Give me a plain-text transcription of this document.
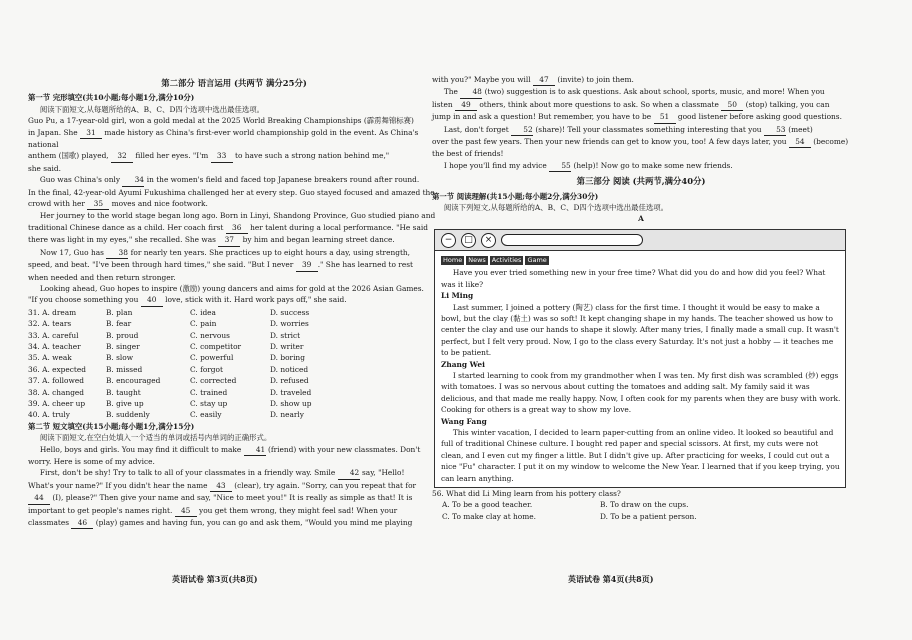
第二部分 语言运用 (共两节 满分25分)
第一节 完形填空(共10小题;每小题1分,满分10分)
阅读下面短文,从每题所给的A、B、C、D四个选项中选出最佳选项。
Guo Pu, a 17-year-old girl, won a gold medal at the 2025 World Breaking Championships (霹雳舞锦标赛)
in Japan. She 31 made history as China's first-ever world championship gold in the event. As China's national
anthem (国歌) played, 32 filled her eyes. "I'm 33 to have such a strong nation behind me,"
she said.
Guo was China's only 34 in the women's field and faced top Japanese breakers round after round.
In the final, 42-year-old Ayumi Fukushima challenged her at every step. Guo stayed focused and amazed the
crowd with her 35 moves and nice footwork.
Her journey to the world stage began long ago. Born in Linyi, Shandong Province, Guo studied piano and
traditional Chinese dance as a child. Her coach first 36 her talent during a local performance. "He said
there was light in my eyes," she recalled. She was 37 by him and began learning street dance.
Now 17, Guo has 38 for nearly ten years. She practices up to eight hours a day, using strength,
speed, and beat. "I've been through hard times," she said. "But I never 39 ." She has learned to rest
when needed and then return stronger.
Looking ahead, Guo hopes to inspire (激励) young dancers and aims for gold at the 2026 Asian Games.
"If you choose something you 40 love, stick with it. Hard work pays off," she said.
31. A. dream	B. plan	C. idea	D. success
32. A. tears	B. fear	C. pain	D. worries
33. A. careful	B. proud	C. nervous	D. strict
34. A. teacher	B. singer	C. competitor	D. writer
35. A. weak	B. slow	C. powerful	D. boring
36. A. expected	B. missed	C. forgot	D. noticed
37. A. followed	B. encouraged	C. corrected	D. refused
38. A. changed	B. taught	C. trained	D. traveled
39. A. cheer up	B. give up	C. stay up	D. show up
40. A. truly	B. suddenly	C. easily	D. nearly
第二节 短文填空(共15小题;每小题1分,满分15分)
阅读下面短文,在空白处填入一个适当的单词或括号内单词的正确形式。
Hello, boys and girls. You may find it difficult to make 41 (friend) with your new classmates. Don't
worry. Here is some of my advice.
First, don't be shy! Try to talk to all of your classmates in a friendly way. Smile 42 say, "Hello!
What's your name?" If you didn't hear the name 43 (clear), try again. "Sorry, can you repeat that for
44 (I), please?" Then give your name and say, "Nice to meet you!" It is really as simple as that! It is
important to get people's names right. 45 you get them wrong, they might feel sad! When your
classmates 46 (play) games and having fun, you can go and ask them, "Would you mind me playing
with you?" Maybe you will 47 (invite) to join them.
The 48 (two) suggestion is to ask questions. Ask about school, sports, music, and more! When you
listen 49 others, think about more questions to ask. So when a classmate 50 (stop) talking, you can
jump in and ask a question! But remember, you have to be 51 good listener before asking good questions.
Last, don't forget 52 (share)! Tell your classmates something interesting that you 53 (meet)
over the past few years. Then your new friends can get to know you, too! A few days later, you 54 (become)
the best of friends!
I hope you'll find my advice 55 (help)! Now go to make some new friends.
第三部分 阅读 (共两节,满分40分)
第一节 阅读理解(共15小题;每小题2分,满分30分)
阅读下列短文,从每题所给的A、B、C、D四个选项中选出最佳选项。
A
−	□	×
Home News Activities Game
Have you ever tried something new in your free time? What did you do and how did you feel? What was it like?
Li Ming
Last summer, I joined a pottery (陶艺) class for the first time. I thought it would be easy to make a bowl, but the clay (黏土) was so soft! It kept changing shape in my hands. The teacher showed us how to center the clay and use our hands to shape it slowly. After many tries, I finally made a small cup. It wasn't perfect, but I felt very proud. Now, I go to the class every Saturday. It's not just a hobby — it teaches me to be patient.
Zhang Wei
I started learning to cook from my grandmother when I was ten. My first dish was scrambled (炒) eggs with tomatoes. I was so nervous about cutting the tomatoes and adding salt. My family said it was delicious, and that made me really happy. Now, I often cook for my parents when they are busy with work. Cooking for others is a great way to show my love.
Wang Fang
This winter vacation, I decided to learn paper-cutting from an online video. It looked so beautiful and full of traditional Chinese culture. I bought red paper and special scissors. At first, my cuts were not clean, and I even cut my finger a little. But I didn't give up. After practicing for weeks, I could cut out a nice "Fu" character. I put it on my window to welcome the New Year. I learned that if you keep trying, you can learn anything.
56. What did Li Ming learn from his pottery class?
A. To be a good teacher.	B. To draw on the cups.
C. To make clay at home.	D. To be a patient person.
英语试卷 第3页(共8页)	英语试卷 第4页(共8页)
